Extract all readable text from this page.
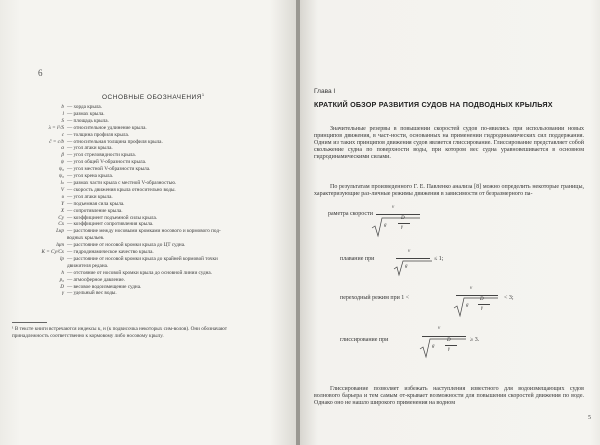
6
ОСНОВНЫЕ ОБОЗНАЧЕНИЯ$^1$
b — хорда крыла.
l — размах крыла.
S — площадь крыла.
λ = l²/S — относительное удлинение крыла.
c — толщина профиля крыла.
c̄ = c/b — относительная толщина профиля крыла.
α — угол атаки крыла.
β — угол стреловидности крыла.
ψ — угол общей V-образности крыла.
ψ₀ — угол местной V-образности крыла.
ψ₀ — угол крена крыла.
lₙ — размах части крыла с местной V-образностью.
V — скорость движения крыла относительно воды.
υ — угол атаки крыла.
Y — подъемная сила крыла.
X — сопротивление крыла.
Cy — коэффициент подъемной силы крыла.
Cx — коэффициент сопротивления крыла.
Lкр — расстояние между носовыми кромками носового и кормового под-
водных крыльев.
lцт — расстояние от носовой кромки крыла до ЦТ судна.
K = Cy/Cx — гидродинамическое качество крыла.
lp — расстояние от носовой кромки крыла до крайней кормовой точки
движителя редана.
h — отстояние от носовой кромки крыла до основной линии судна.
p₀ — атмосферное давление.
D — весовое водоизмещение судна.
γ — удельный вес воды.
¹ В тексте книги встречаются индексы к, н (к подвисочка некоторых сим-волов). Они обозначают принадлежность соответственно к кормовому либо носовому крылу.
Глава I
КРАТКИЙ ОБЗОР РАЗВИТИЯ СУДОВ НА ПОДВОДНЫХ КРЫЛЬЯХ
Значительные резервы в повышении скоростей судов по-явились при использовании новых принципов движения, в част-ности, основанных на применении гидродинамических сил поддержания. Одним из таких принципов движения судов является глиссирование. Глиссирование представляет собой скольжение судна по поверхности воды, при котором вес судна уравновешивается в основном гидродинамическими силами.
По результатам произведенного Г. Е. Павленко анализа [8] можно определить некоторые границы, характеризующие раз-личные режимы движения в зависимости от безразмерного па-
раметра скорости
v
g
D
γ
плавание при
v
g
≤ 1;
переходный режим при 1 <
v
g
D
γ
< 3;
глиссирование при
v
g
D
γ
≥ 3.
Глиссирование позволяет избежать наступления известного для водоизмещающих судов волнового барьера и тем самым от-крывает возможности для повышения скоростей движения по воде. Однако оно не нашло широкого применения на водном
5
